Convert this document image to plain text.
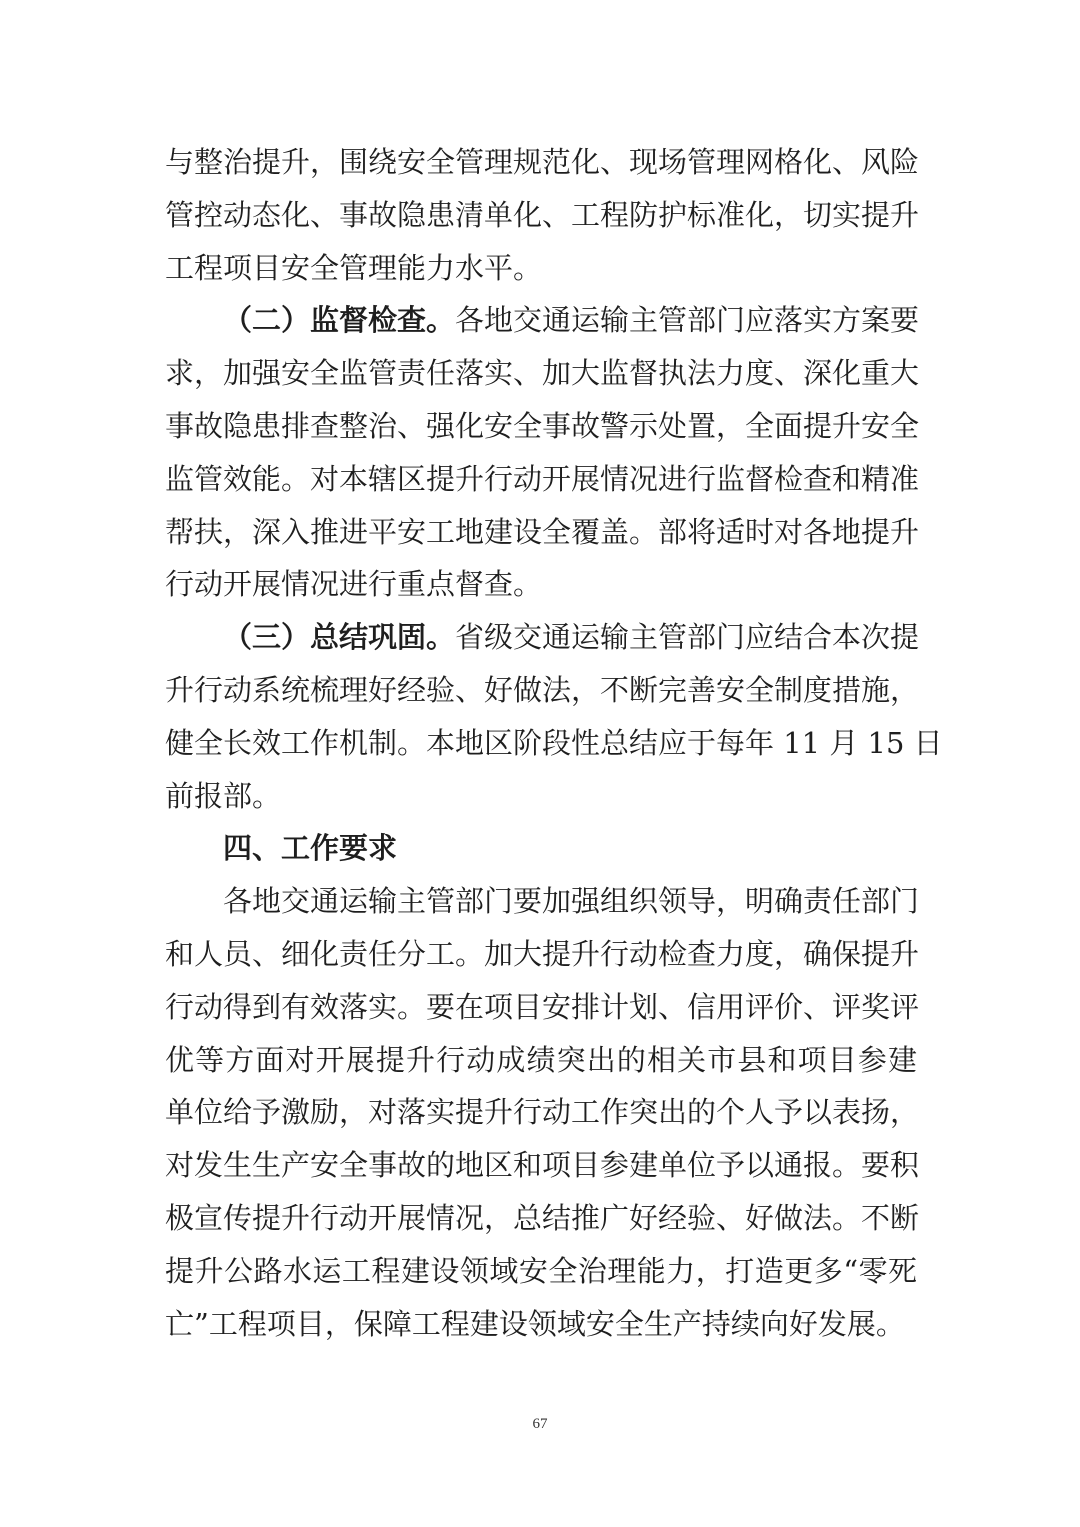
与整治提升，围绕安全管理规范化、现场管理网格化、风险
管控动态化、事故隐患清单化、工程防护标准化，切实提升
工程项目安全管理能力水平。
（二）监督检查。各地交通运输主管部门应落实方案要
求，加强安全监管责任落实、加大监督执法力度、深化重大
事故隐患排查整治、强化安全事故警示处置，全面提升安全
监管效能。对本辖区提升行动开展情况进行监督检查和精准
帮扶，深入推进平安工地建设全覆盖。部将适时对各地提升
行动开展情况进行重点督查。
（三）总结巩固。省级交通运输主管部门应结合本次提
升行动系统梳理好经验、好做法，不断完善安全制度措施，
健全长效工作机制。本地区阶段性总结应于每年 11 月 15 日
前报部。
四、工作要求
各地交通运输主管部门要加强组织领导，明确责任部门
和人员、细化责任分工。加大提升行动检查力度，确保提升
行动得到有效落实。要在项目安排计划、信用评价、评奖评
优等方面对开展提升行动成绩突出的相关市县和项目参建
单位给予激励，对落实提升行动工作突出的个人予以表扬，
对发生生产安全事故的地区和项目参建单位予以通报。要积
极宣传提升行动开展情况，总结推广好经验、好做法。不断
提升公路水运工程建设领域安全治理能力，打造更多“零死
亡”工程项目，保障工程建设领域安全生产持续向好发展。
67
